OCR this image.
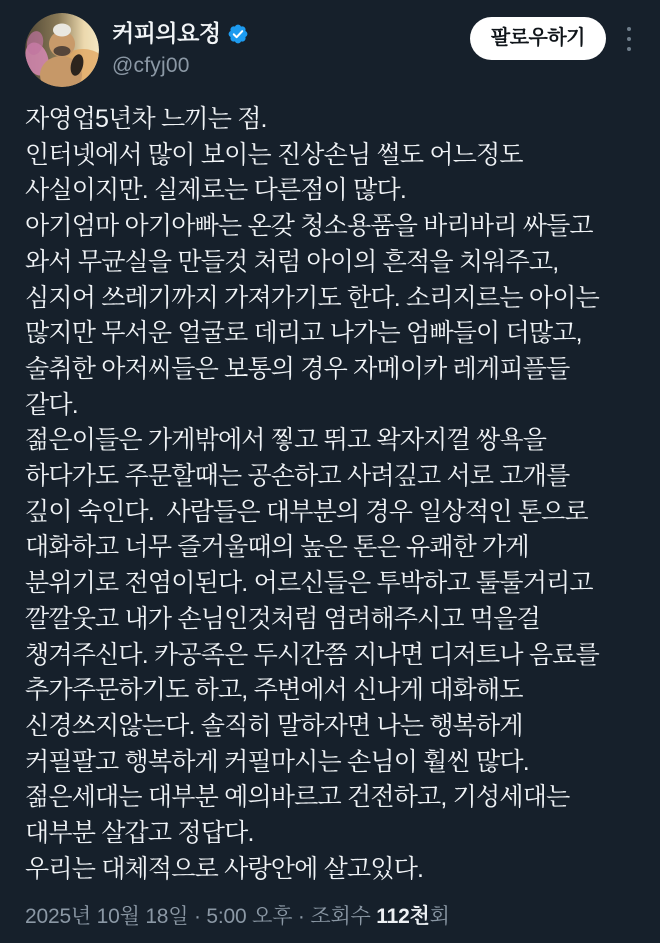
커피의요정
@cfyj00
팔로우하기
자영업5년차 느끼는 점.
인터넷에서 많이 보이는 진상손님 썰도 어느정도
사실이지만. 실제로는 다른점이 많다.
아기엄마 아기아빠는 온갖 청소용품을 바리바리 싸들고
와서 무균실을 만들것 처럼 아이의 흔적을 치워주고,
심지어 쓰레기까지 가져가기도 한다. 소리지르는 아이는
많지만 무서운 얼굴로 데리고 나가는 엄빠들이 더많고,
술취한 아저씨들은 보통의 경우 자메이카 레게피플들
같다.
젊은이들은 가게밖에서 찧고 뛰고 왁자지껄 쌍욕을
하다가도 주문할때는 공손하고 사려깊고 서로 고개를
깊이 숙인다.  사람들은 대부분의 경우 일상적인 톤으로
대화하고 너무 즐거울때의 높은 톤은 유쾌한 가게
분위기로 전염이된다. 어르신들은 투박하고 툴툴거리고
깔깔웃고 내가 손님인것처럼 염려해주시고 먹을걸
챙겨주신다. 카공족은 두시간쯤 지나면 디저트나 음료를
추가주문하기도 하고, 주변에서 신나게 대화해도
신경쓰지않는다. 솔직히 말하자면 나는 행복하게
커필팔고 행복하게 커필마시는 손님이 훨씬 많다.
젊은세대는 대부분 예의바르고 건전하고, 기성세대는
대부분 살갑고 정답다.
우리는 대체적으로 사랑안에 살고있다.
2025년 10월 18일 · 5:00 오후 · 조회수 112천회
